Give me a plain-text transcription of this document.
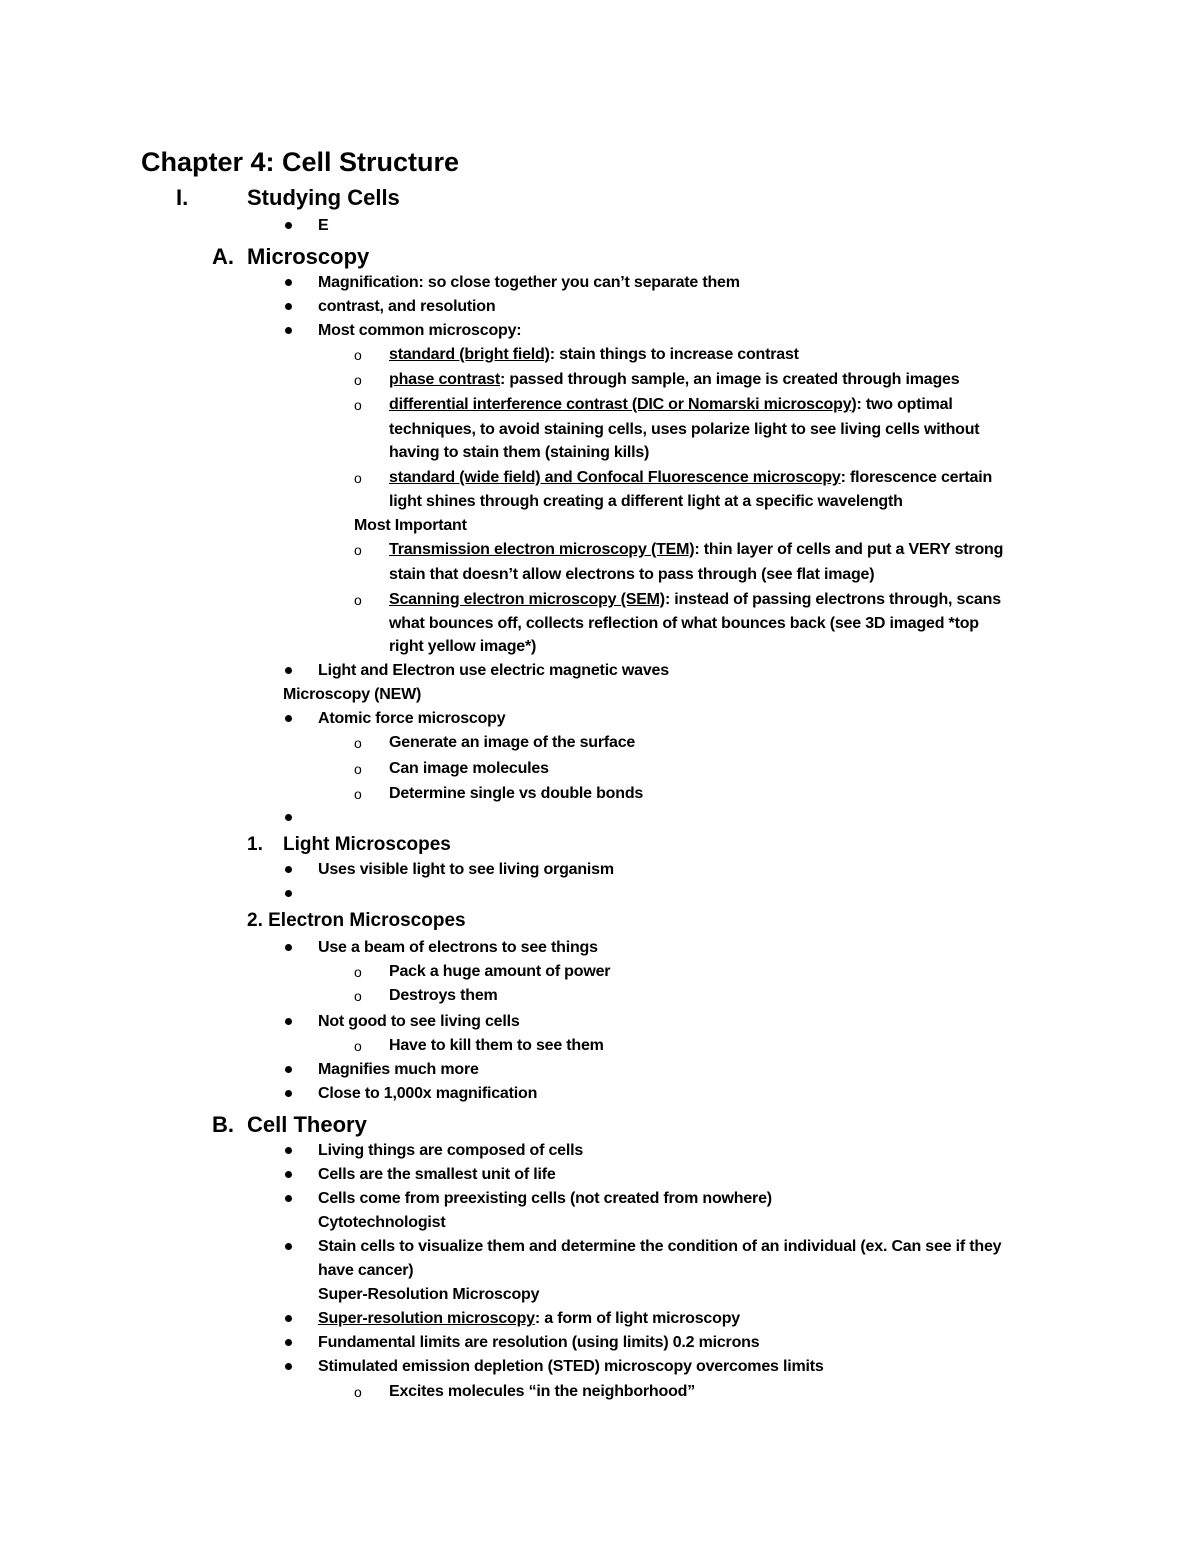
Chapter 4: Cell Structure
I.	Studying Cells
E
A. Microscopy
Magnification: so close together you can’t separate them
contrast, and resolution
Most common microscopy:
o standard (bright field): stain things to increase contrast
o phase contrast: passed through sample, an image is created through images
o differential interference contrast (DIC or Nomarski microscopy): two optimal
techniques, to avoid staining cells, uses polarize light to see living cells without
having to stain them (staining kills)
o standard (wide field) and Confocal Fluorescence microscopy: florescence certain
light shines through creating a different light at a specific wavelength
Most Important
o Transmission electron microscopy (TEM): thin layer of cells and put a VERY strong
stain that doesn’t allow electrons to pass through (see flat image)
o Scanning electron microscopy (SEM): instead of passing electrons through, scans
what bounces off, collects reflection of what bounces back (see 3D imaged *top
right yellow image*)
Light and Electron use electric magnetic waves
Microscopy (NEW)
Atomic force microscopy
o Generate an image of the surface
o Can image molecules
o Determine single vs double bonds
1. Light Microscopes
Uses visible light to see living organism
2. Electron Microscopes
Use a beam of electrons to see things
o Pack a huge amount of power
o Destroys them
Not good to see living cells
o Have to kill them to see them
Magnifies much more
Close to 1,000x magnification
B. Cell Theory
Living things are composed of cells
Cells are the smallest unit of life
Cells come from preexisting cells (not created from nowhere)
Cytotechnologist
Stain cells to visualize them and determine the condition of an individual (ex. Can see if they
have cancer)
Super-Resolution Microscopy
Super-resolution microscopy: a form of light microscopy
Fundamental limits are resolution (using limits) 0.2 microns
Stimulated emission depletion (STED) microscopy overcomes limits
o Excites molecules “in the neighborhood”
